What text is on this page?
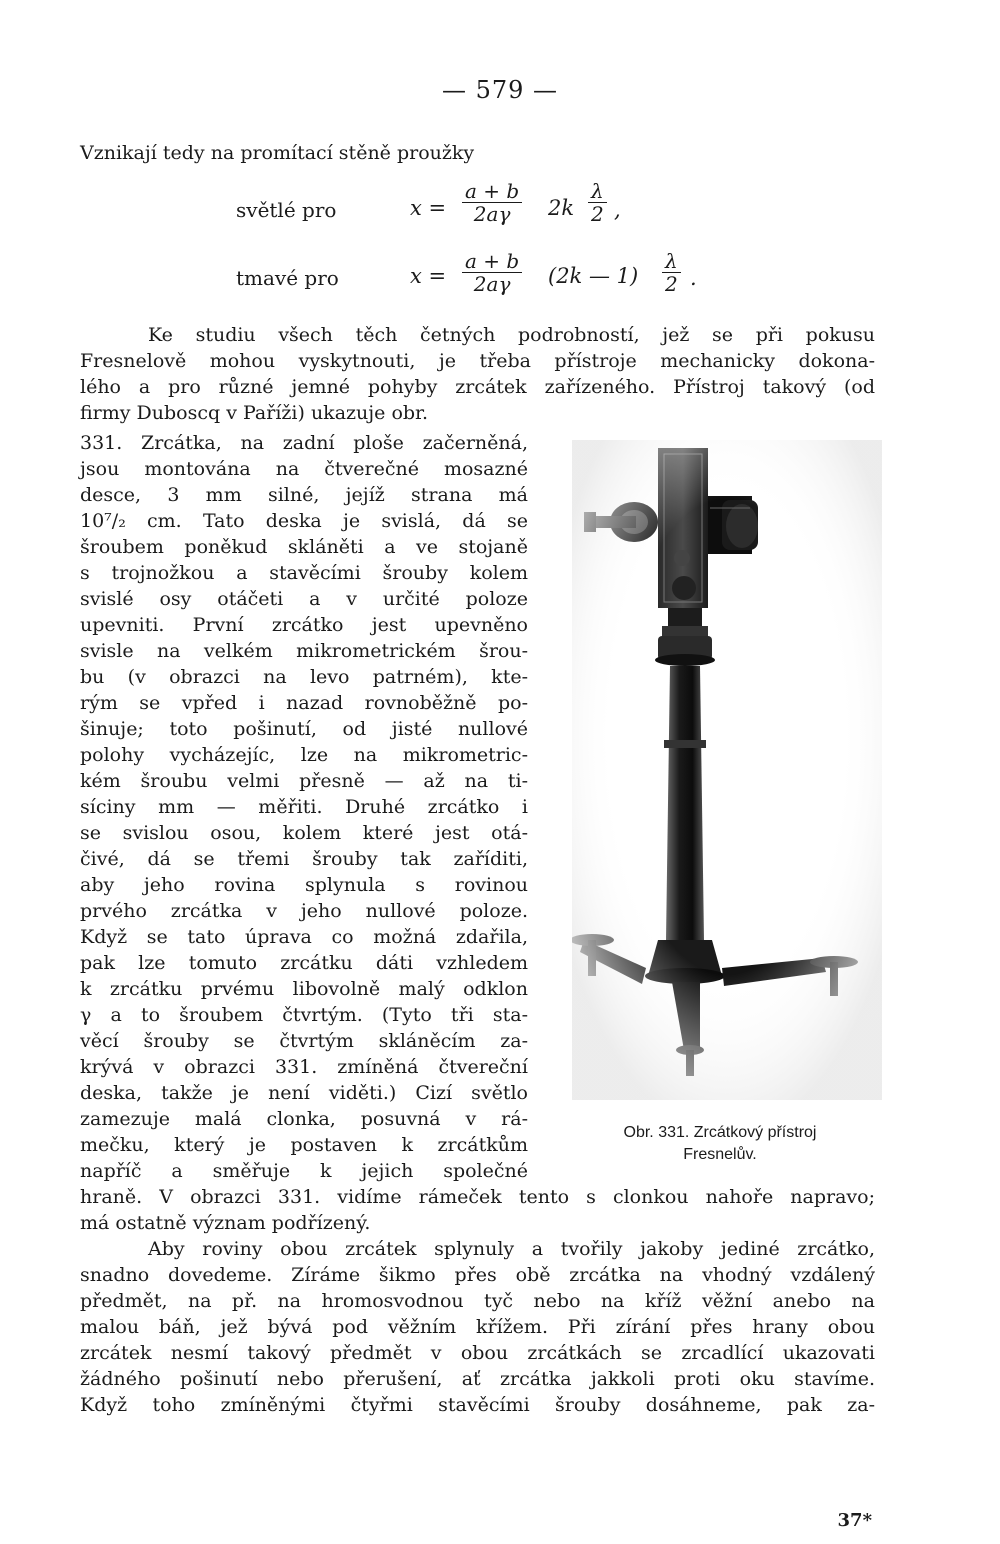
— 579 —
Vznikají tedy na promítací stěně proužky
světlé pro	$x = \frac{a + b}{2a\gamma} 2k \frac{\lambda}{2}$ ,
tmavé pro	$x = \frac{a + b}{2a\gamma} (2k$ — $1) \frac{\lambda}{2}$ .
Ke studiu všech těch četných podrobností, jež se při pokusu
Fresnelově mohou vyskytnouti, je třeba přístroje mechanicky dokona-
lého a pro různé jemné pohyby zrcátek zařízeného. Přístroj takový (od
firmy Duboscq v Paříži) ukazuje obr.
331. Zrcátka, na zadní ploše začerněná,
jsou montována na čtverečné mosazné
desce, 3 mm silné, jejíž strana má
10⁷/₂ cm. Tato deska je svislá, dá se
šroubem poněkud skláněti a ve stojaně
s trojnožkou a stavěcími šrouby kolem
svislé osy otáčeti a v určité poloze
upevniti. První zrcátko jest upevněno
svisle na velkém mikrometrickém šrou-
bu (v obrazci na levo patrném), kte-
rým se vpřed i nazad rovnoběžně po-
šinuje; toto pošinutí, od jisté nullové
polohy vycházejíc, lze na mikrometric-
kém šroubu velmi přesně — až na ti-
síciny mm — měřiti. Druhé zrcátko i
se svislou osou, kolem které jest otá-
čivé, dá se třemi šrouby tak zaříditi,
aby jeho rovina splynula s rovinou
prvého zrcátka v jeho nullové poloze.
Když se tato úprava co možná zdařila,
pak lze tomuto zrcátku dáti vzhledem
k zrcátku prvému libovolně malý odklon
γ a to šroubem čtvrtým. (Tyto tři sta-
věcí šrouby se čtvrtým skláněcím za-
krývá v obrazci 331. zmíněná čtvereční
deska, takže je není viděti.) Cizí světlo
zamezuje malá clonka, posuvná v rá-
mečku, který je postaven k zrcátkům
napříč a směřuje k jejich společné
hraně. V obrazci 331. vidíme rámeček tento s clonkou nahoře napravo;
má ostatně význam podřízený.
Aby roviny obou zrcátek splynuly a tvořily jakoby jediné zrcátko,
snadno dovedeme. Zíráme šikmo přes obě zrcátka na vhodný vzdálený
předmět, na př. na hromosvodnou tyč nebo na kříž věžní anebo na
malou báň, jež bývá pod věžním křížem. Při zírání přes hrany obou
zrcátek nesmí takový předmět v obou zrcátkách se zrcadlící ukazovati
žádného pošinutí nebo přerušení, ať zrcátka jakkoli proti oku stavíme.
Když toho zmíněnými čtyřmi stavěcími šrouby dosáhneme, pak za-
Obr. 331. Zrcátkový přístroj
Fresnelův.
37*
